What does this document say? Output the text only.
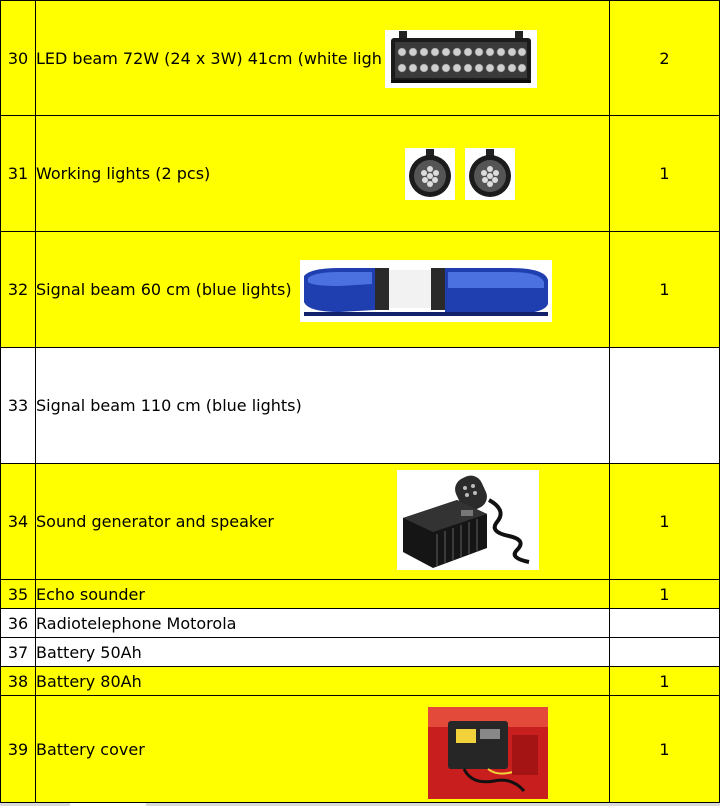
30	LED beam 72W (24 x 3W) 41cm (white ligh	2
31	Working lights (2 pcs)	1
32	Signal beam 60 cm (blue lights)	1
33	Signal beam 110 cm (blue lights)	
34	Sound generator and speaker	1
35	Echo sounder	1
36	Radiotelephone Motorola	
37	Battery 50Ah	
38	Battery 80Ah	1
39	Battery cover	1
